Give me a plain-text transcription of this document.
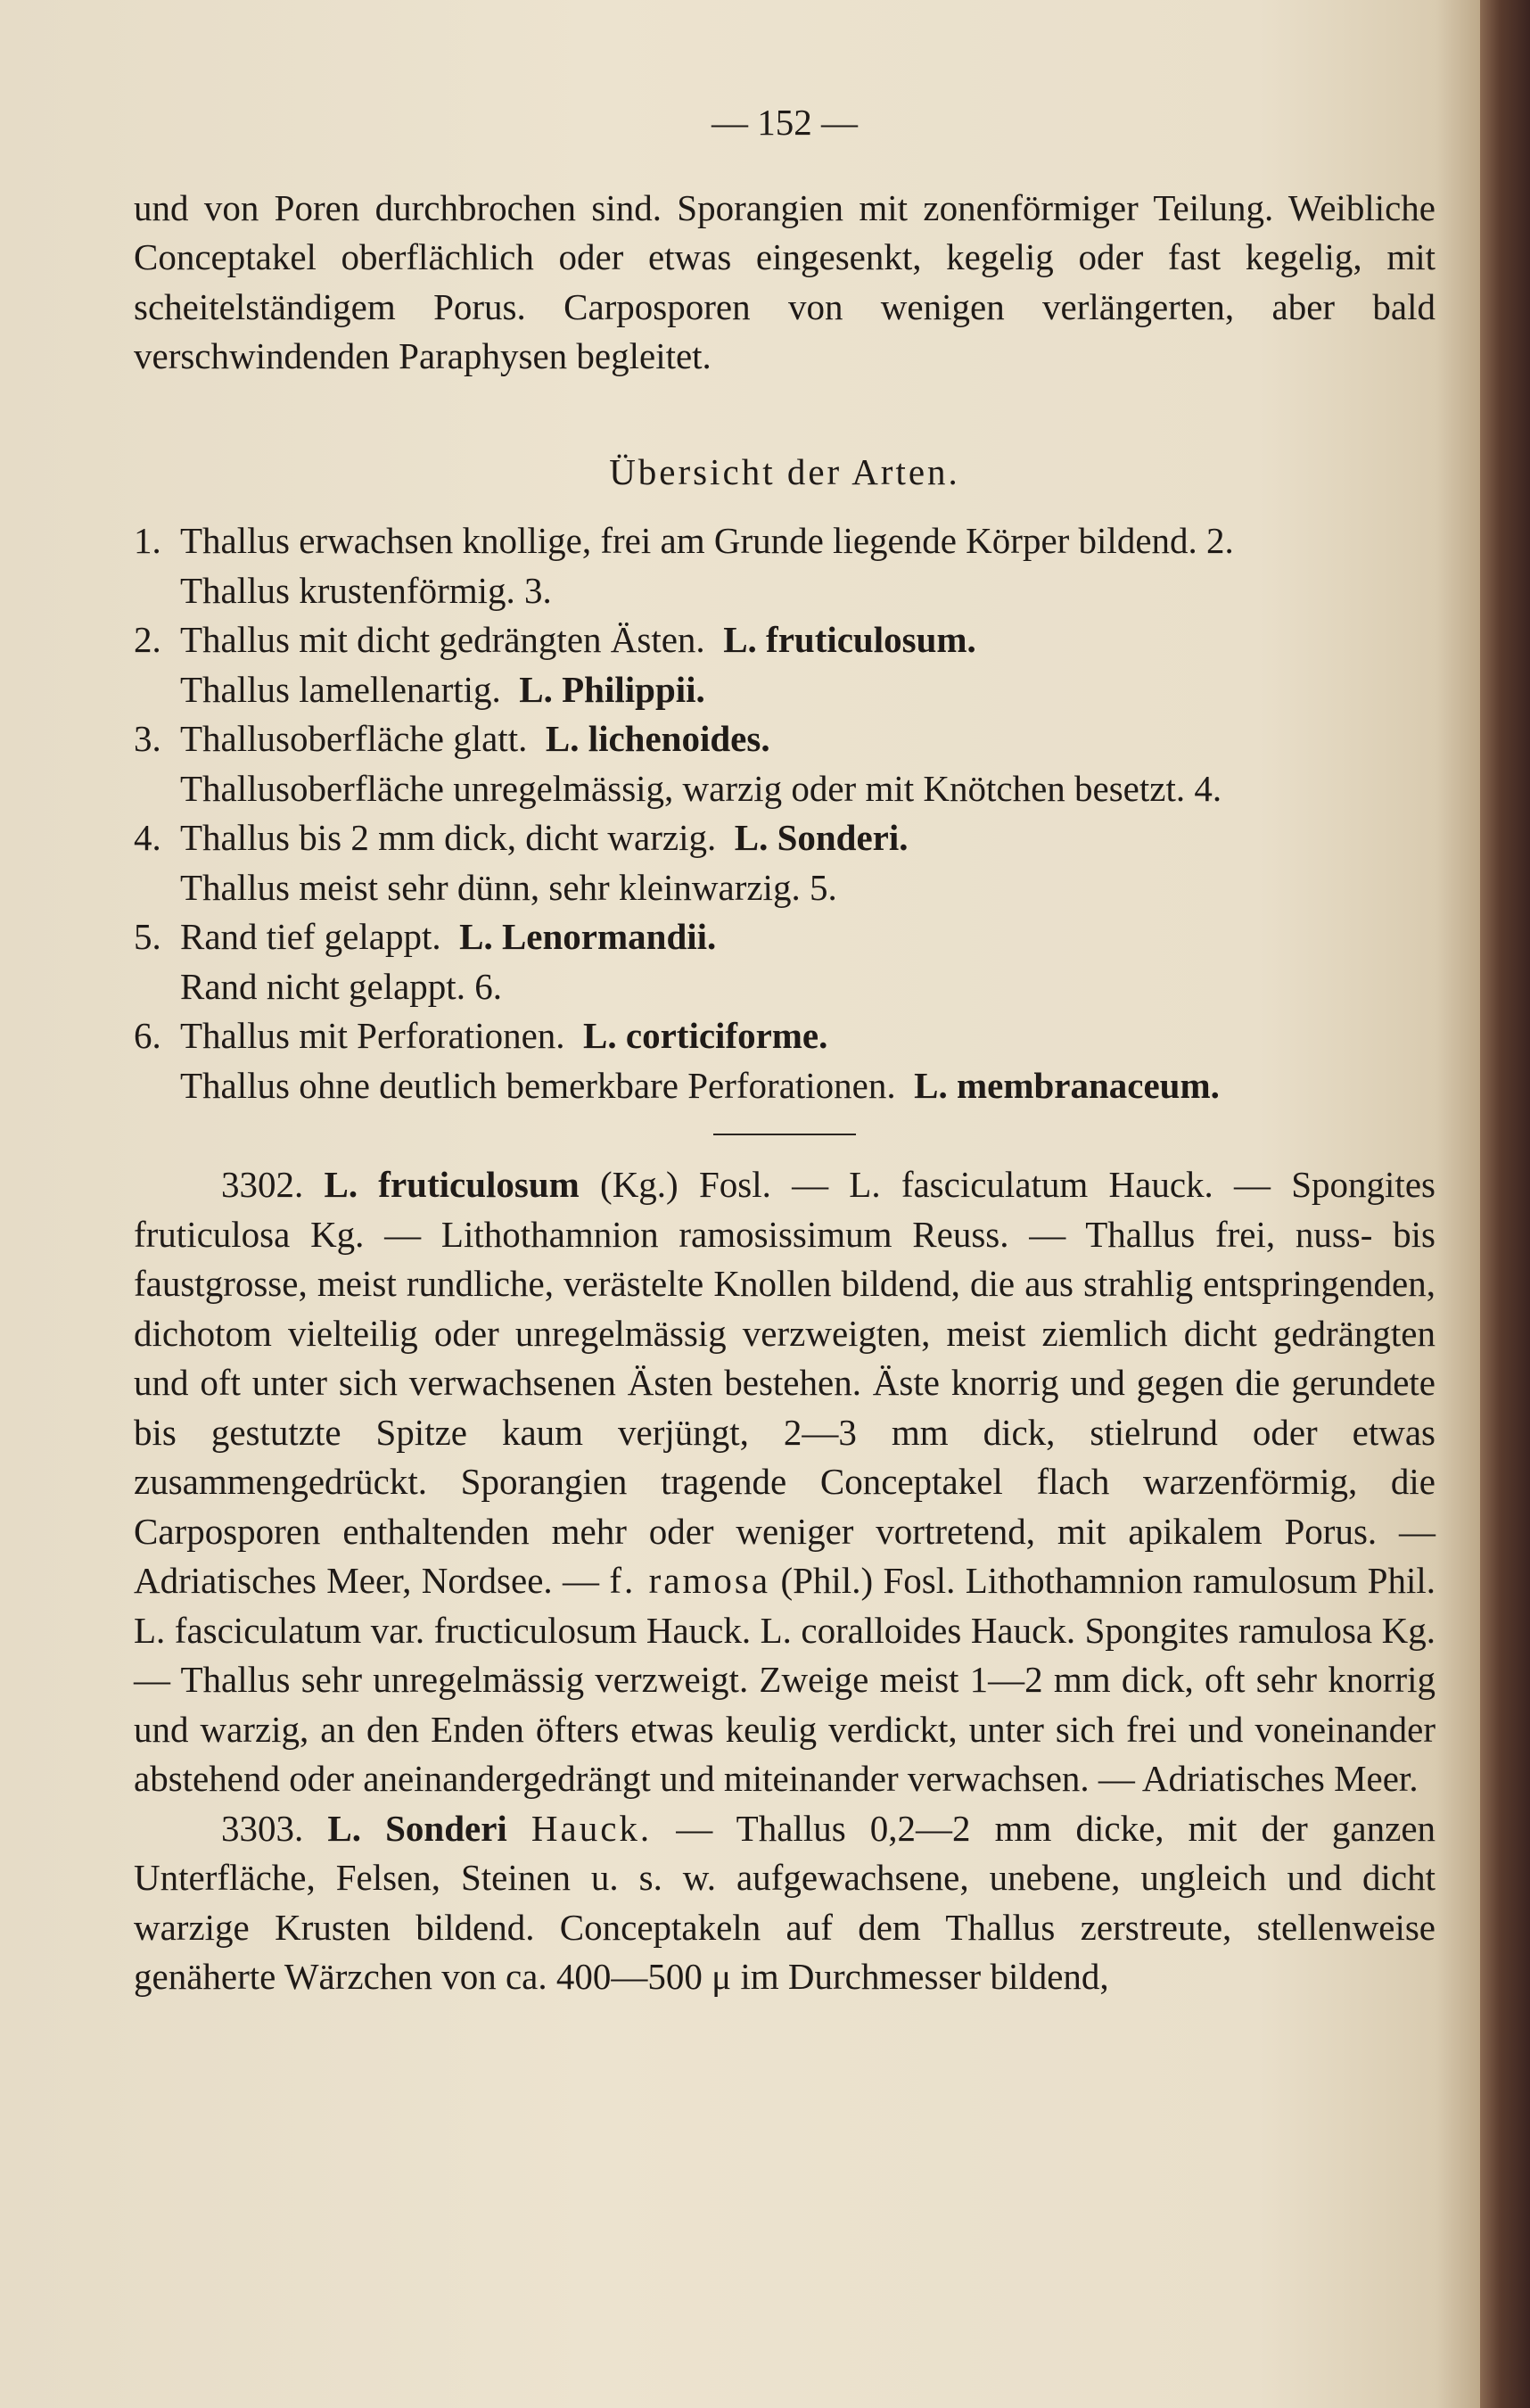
— 152 —

und von Poren durchbrochen sind. Sporangien mit zonenförmiger Teilung. Weibliche Conceptakel oberflächlich oder etwas eingesenkt, kegelig oder fast kegelig, mit scheitelständigem Porus. Carposporen von wenigen verlängerten, aber bald verschwindenden Paraphysen begleitet.

Übersicht der Arten.
1. Thallus erwachsen knollige, frei am Grunde liegende Körper bildend. 2.
Thallus krustenförmig. 3.
2. Thallus mit dicht gedrängten Ästen. L. fruticulosum.
Thallus lamellenartig. L. Philippii.
3. Thallusoberfläche glatt. L. lichenoides.
Thallusoberfläche unregelmässig, warzig oder mit Knötchen besetzt. 4.
4. Thallus bis 2 mm dick, dicht warzig. L. Sonderi.
Thallus meist sehr dünn, sehr kleinwarzig. 5.
5. Rand tief gelappt. L. Lenormandii.
Rand nicht gelappt. 6.
6. Thallus mit Perforationen. L. corticiforme.
Thallus ohne deutlich bemerkbare Perforationen. L. membranaceum.

3302. L. fruticulosum (Kg.) Fosl. — L. fasciculatum Hauck. — Spongites fruticulosa Kg. — Lithothamnion ramosissimum Reuss. — Thallus frei, nuss- bis faustgrosse, meist rundliche, verästelte Knollen bildend, die aus strahlig entspringenden, dichotom vielteilig oder unregelmässig verzweigten, meist ziemlich dicht gedrängten und oft unter sich verwachsenen Ästen bestehen. Äste knorrig und gegen die gerundete bis gestutzte Spitze kaum verjüngt, 2—3 mm dick, stielrund oder etwas zusammengedrückt. Sporangien tragende Conceptakel flach warzenförmig, die Carposporen enthaltenden mehr oder weniger vortretend, mit apikalem Porus. — Adriatisches Meer, Nordsee. — f. ramosa (Phil.) Fosl. Lithothamnion ramulosum Phil. L. fasciculatum var. fructiculosum Hauck. L. coralloides Hauck. Spongites ramulosa Kg. — Thallus sehr unregelmässig verzweigt. Zweige meist 1—2 mm dick, oft sehr knorrig und warzig, an den Enden öfters etwas keulig verdickt, unter sich frei und voneinander abstehend oder aneinandergedrängt und miteinander verwachsen. — Adriatisches Meer.

3303. L. Sonderi Hauck. — Thallus 0,2—2 mm dicke, mit der ganzen Unterfläche, Felsen, Steinen u. s. w. aufgewachsene, unebene, ungleich und dicht warzige Krusten bildend. Conceptakeln auf dem Thallus zerstreute, stellenweise genäherte Wärzchen von ca. 400—500 μ im Durchmesser bildend,
